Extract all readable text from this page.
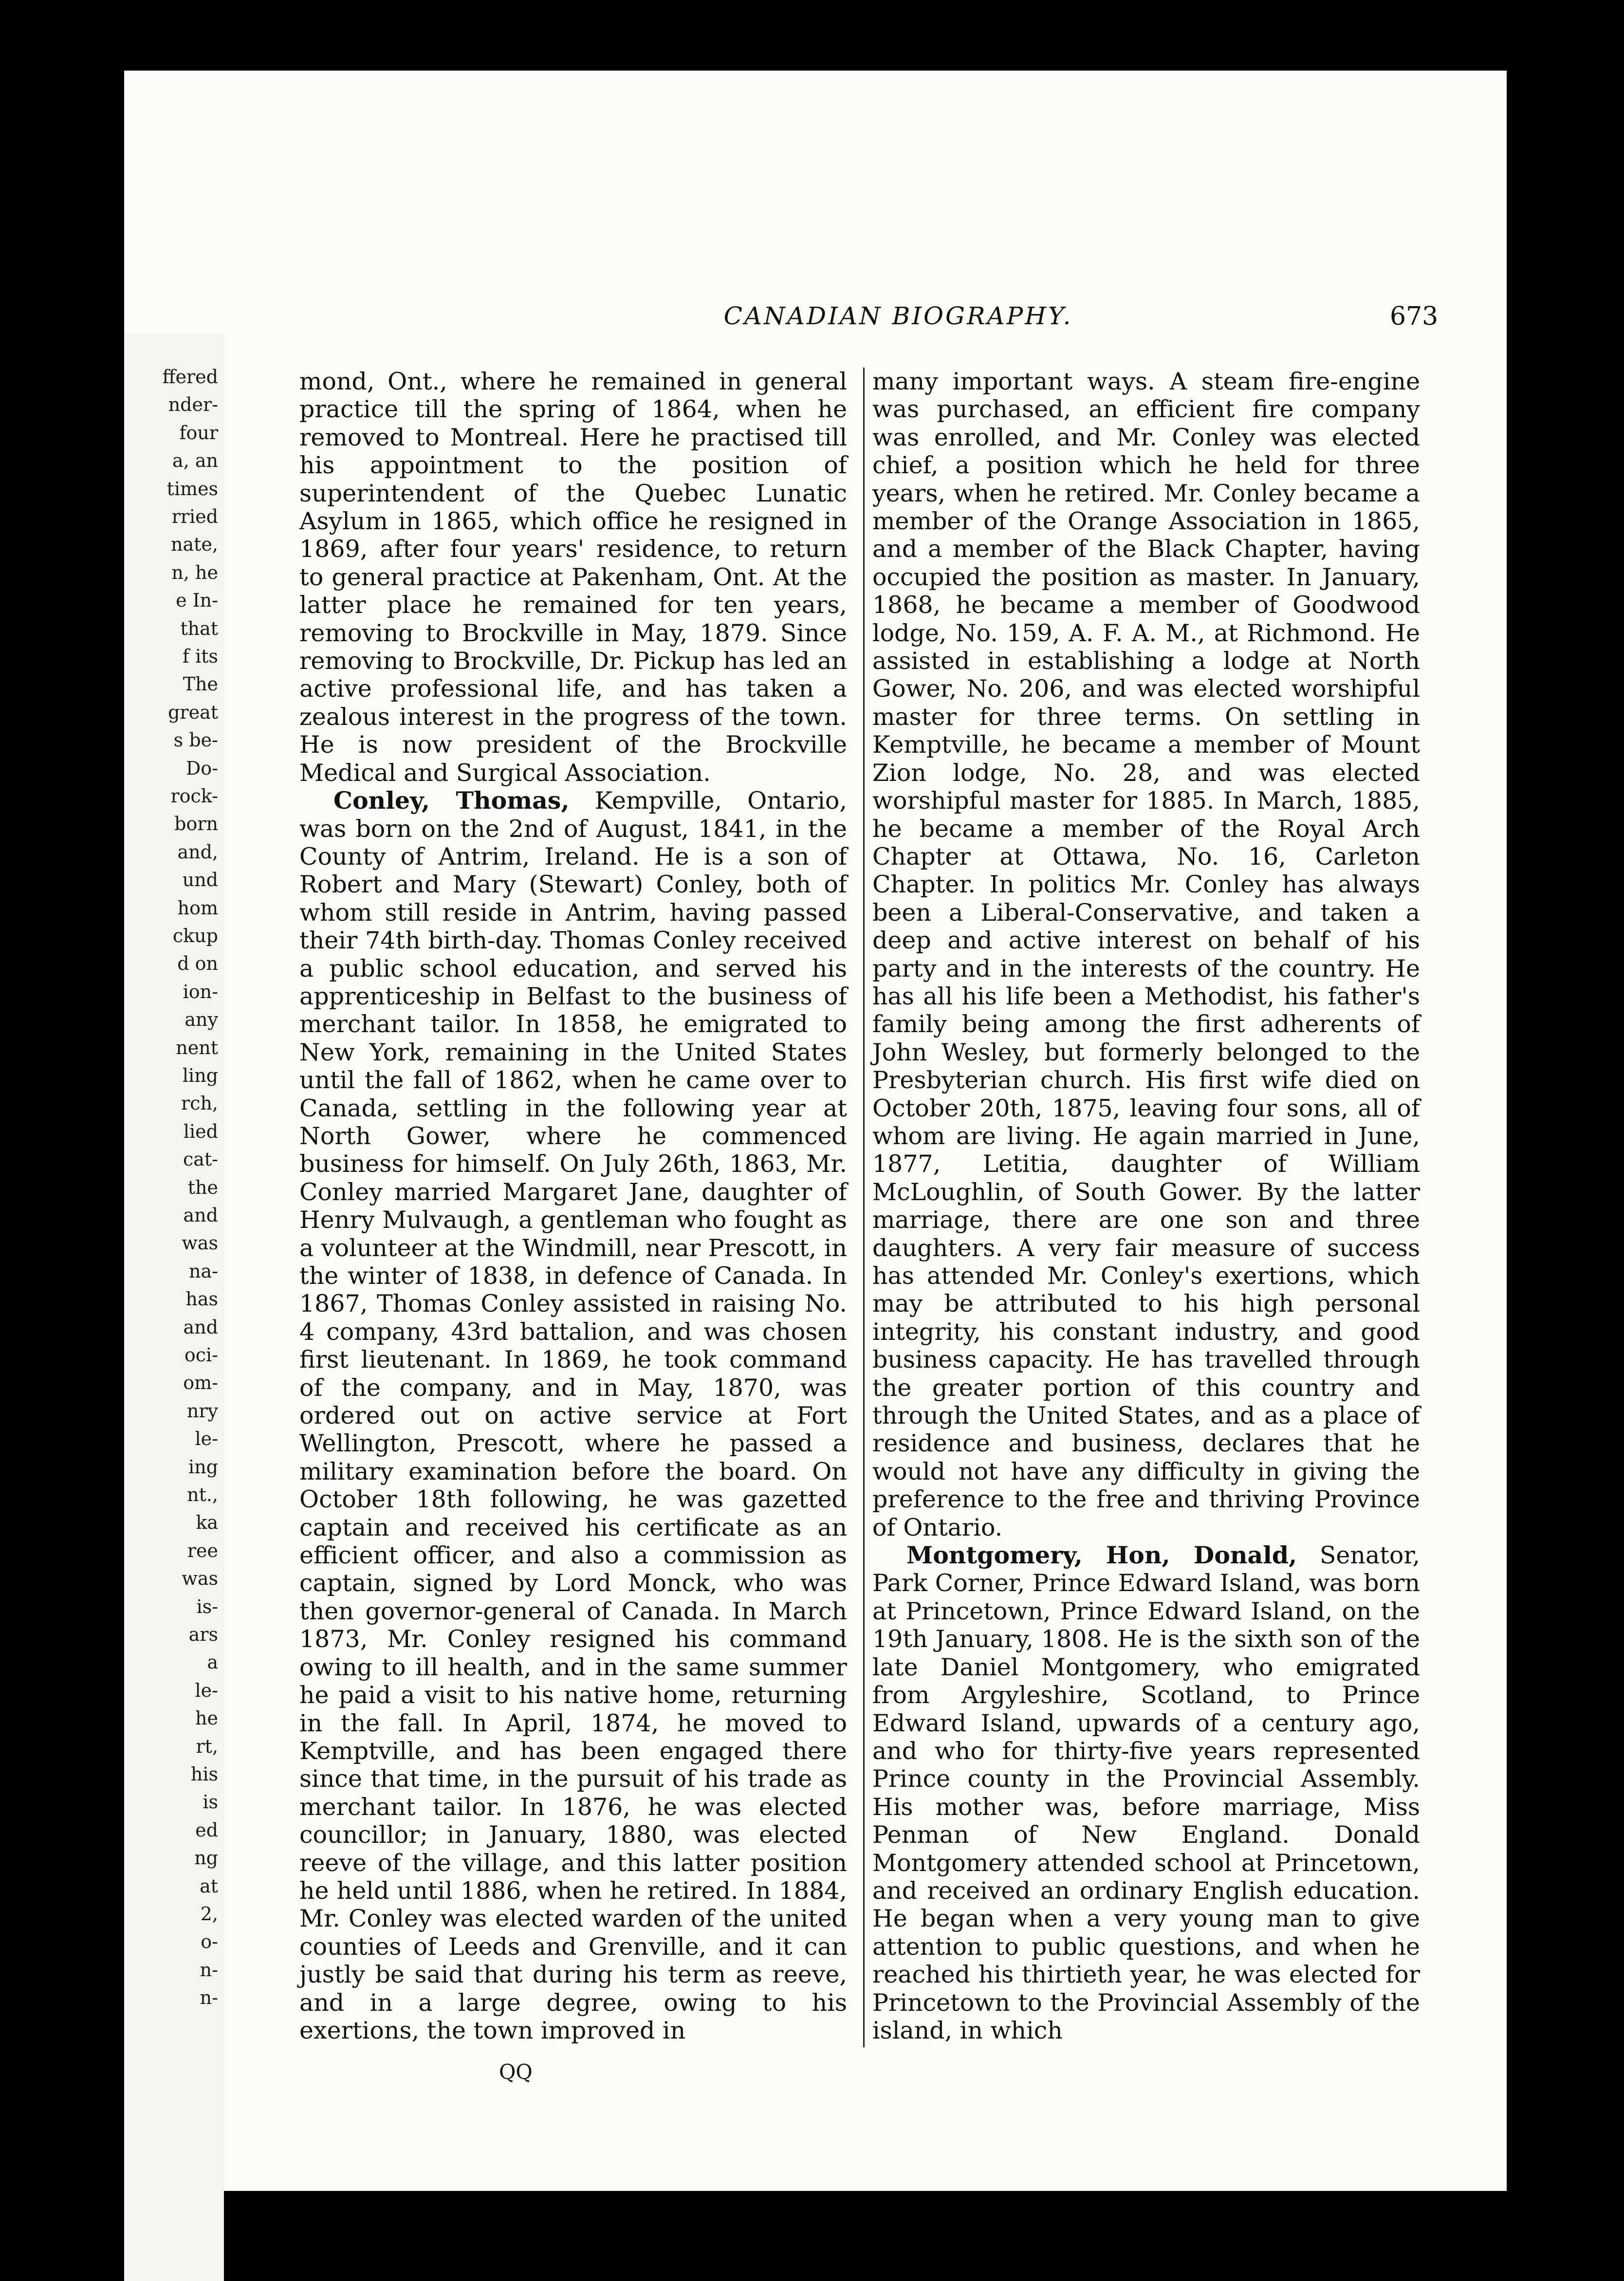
ffered
nder-
four
a, an
times
rried
nate,
n, he
e In-
that
f its
The
great
s be-
Do-
rock-
born
and,
und
hom
ckup
d on
ion-
any
nent
ling
rch,
lied
cat-
the
and
was
na-
has
and
oci-
om-
nry
le-
ing
nt.,
ka
ree
was
is-
ars
a
le-
he
rt,
his
is
ed
ng
at
2,
o-
n-
n-
CANADIAN BIOGRAPHY.	673

mond, Ont., where he remained in general practice till the spring of 1864, when he removed to Montreal. Here he practised till his appointment to the position of superintendent of the Quebec Lunatic Asylum in 1865, which office he resigned in 1869, after four years' residence, to return to general practice at Pakenham, Ont. At the latter place he remained for ten years, removing to Brockville in May, 1879. Since removing to Brockville, Dr. Pickup has led an active professional life, and has taken a zealous interest in the progress of the town. He is now president of the Brockville Medical and Surgical Association.

Conley, Thomas, Kempville, Ontario, was born on the 2nd of August, 1841, in the County of Antrim, Ireland. He is a son of Robert and Mary (Stewart) Conley, both of whom still reside in Antrim, having passed their 74th birth-day. Thomas Conley received a public school education, and served his apprenticeship in Belfast to the business of merchant tailor. In 1858, he emigrated to New York, remaining in the United States until the fall of 1862, when he came over to Canada, settling in the following year at North Gower, where he commenced business for himself. On July 26th, 1863, Mr. Conley married Margaret Jane, daughter of Henry Mulvaugh, a gentleman who fought as a volunteer at the Windmill, near Prescott, in the winter of 1838, in defence of Canada. In 1867, Thomas Conley assisted in raising No. 4 company, 43rd battalion, and was chosen first lieutenant. In 1869, he took command of the company, and in May, 1870, was ordered out on active service at Fort Wellington, Prescott, where he passed a military examination before the board. On October 18th following, he was gazetted captain and received his certificate as an efficient officer, and also a commission as captain, signed by Lord Monck, who was then governor-general of Canada. In March 1873, Mr. Conley resigned his command owing to ill health, and in the same summer he paid a visit to his native home, returning in the fall. In April, 1874, he moved to Kemptville, and has been engaged there since that time, in the pursuit of his trade as merchant tailor. In 1876, he was elected councillor; in January, 1880, was elected reeve of the village, and this latter position he held until 1886, when he retired. In 1884, Mr. Conley was elected warden of the united counties of Leeds and Grenville, and it can justly be said that during his term as reeve, and in a large degree, owing to his exertions, the town improved in

many important ways. A steam fire-engine was purchased, an efficient fire company was enrolled, and Mr. Conley was elected chief, a position which he held for three years, when he retired. Mr. Conley became a member of the Orange Association in 1865, and a member of the Black Chapter, having occupied the position as master. In January, 1868, he became a member of Goodwood lodge, No. 159, A. F. A. M., at Richmond. He assisted in establishing a lodge at North Gower, No. 206, and was elected worshipful master for three terms. On settling in Kemptville, he became a member of Mount Zion lodge, No. 28, and was elected worshipful master for 1885. In March, 1885, he became a member of the Royal Arch Chapter at Ottawa, No. 16, Carleton Chapter. In politics Mr. Conley has always been a Liberal-Conservative, and taken a deep and active interest on behalf of his party and in the interests of the country. He has all his life been a Methodist, his father's family being among the first adherents of John Wesley, but formerly belonged to the Presbyterian church. His first wife died on October 20th, 1875, leaving four sons, all of whom are living. He again married in June, 1877, Letitia, daughter of William McLoughlin, of South Gower. By the latter marriage, there are one son and three daughters. A very fair measure of success has attended Mr. Conley's exertions, which may be attributed to his high personal integrity, his constant industry, and good business capacity. He has travelled through the greater portion of this country and through the United States, and as a place of residence and business, declares that he would not have any difficulty in giving the preference to the free and thriving Province of Ontario.

Montgomery, Hon, Donald, Senator, Park Corner, Prince Edward Island, was born at Princetown, Prince Edward Island, on the 19th January, 1808. He is the sixth son of the late Daniel Montgomery, who emigrated from Argyleshire, Scotland, to Prince Edward Island, upwards of a century ago, and who for thirty-five years represented Prince county in the Provincial Assembly. His mother was, before marriage, Miss Penman of New England. Donald Montgomery attended school at Princetown, and received an ordinary English education. He began when a very young man to give attention to public questions, and when he reached his thirtieth year, he was elected for Princetown to the Provincial Assembly of the island, in which

QQ
